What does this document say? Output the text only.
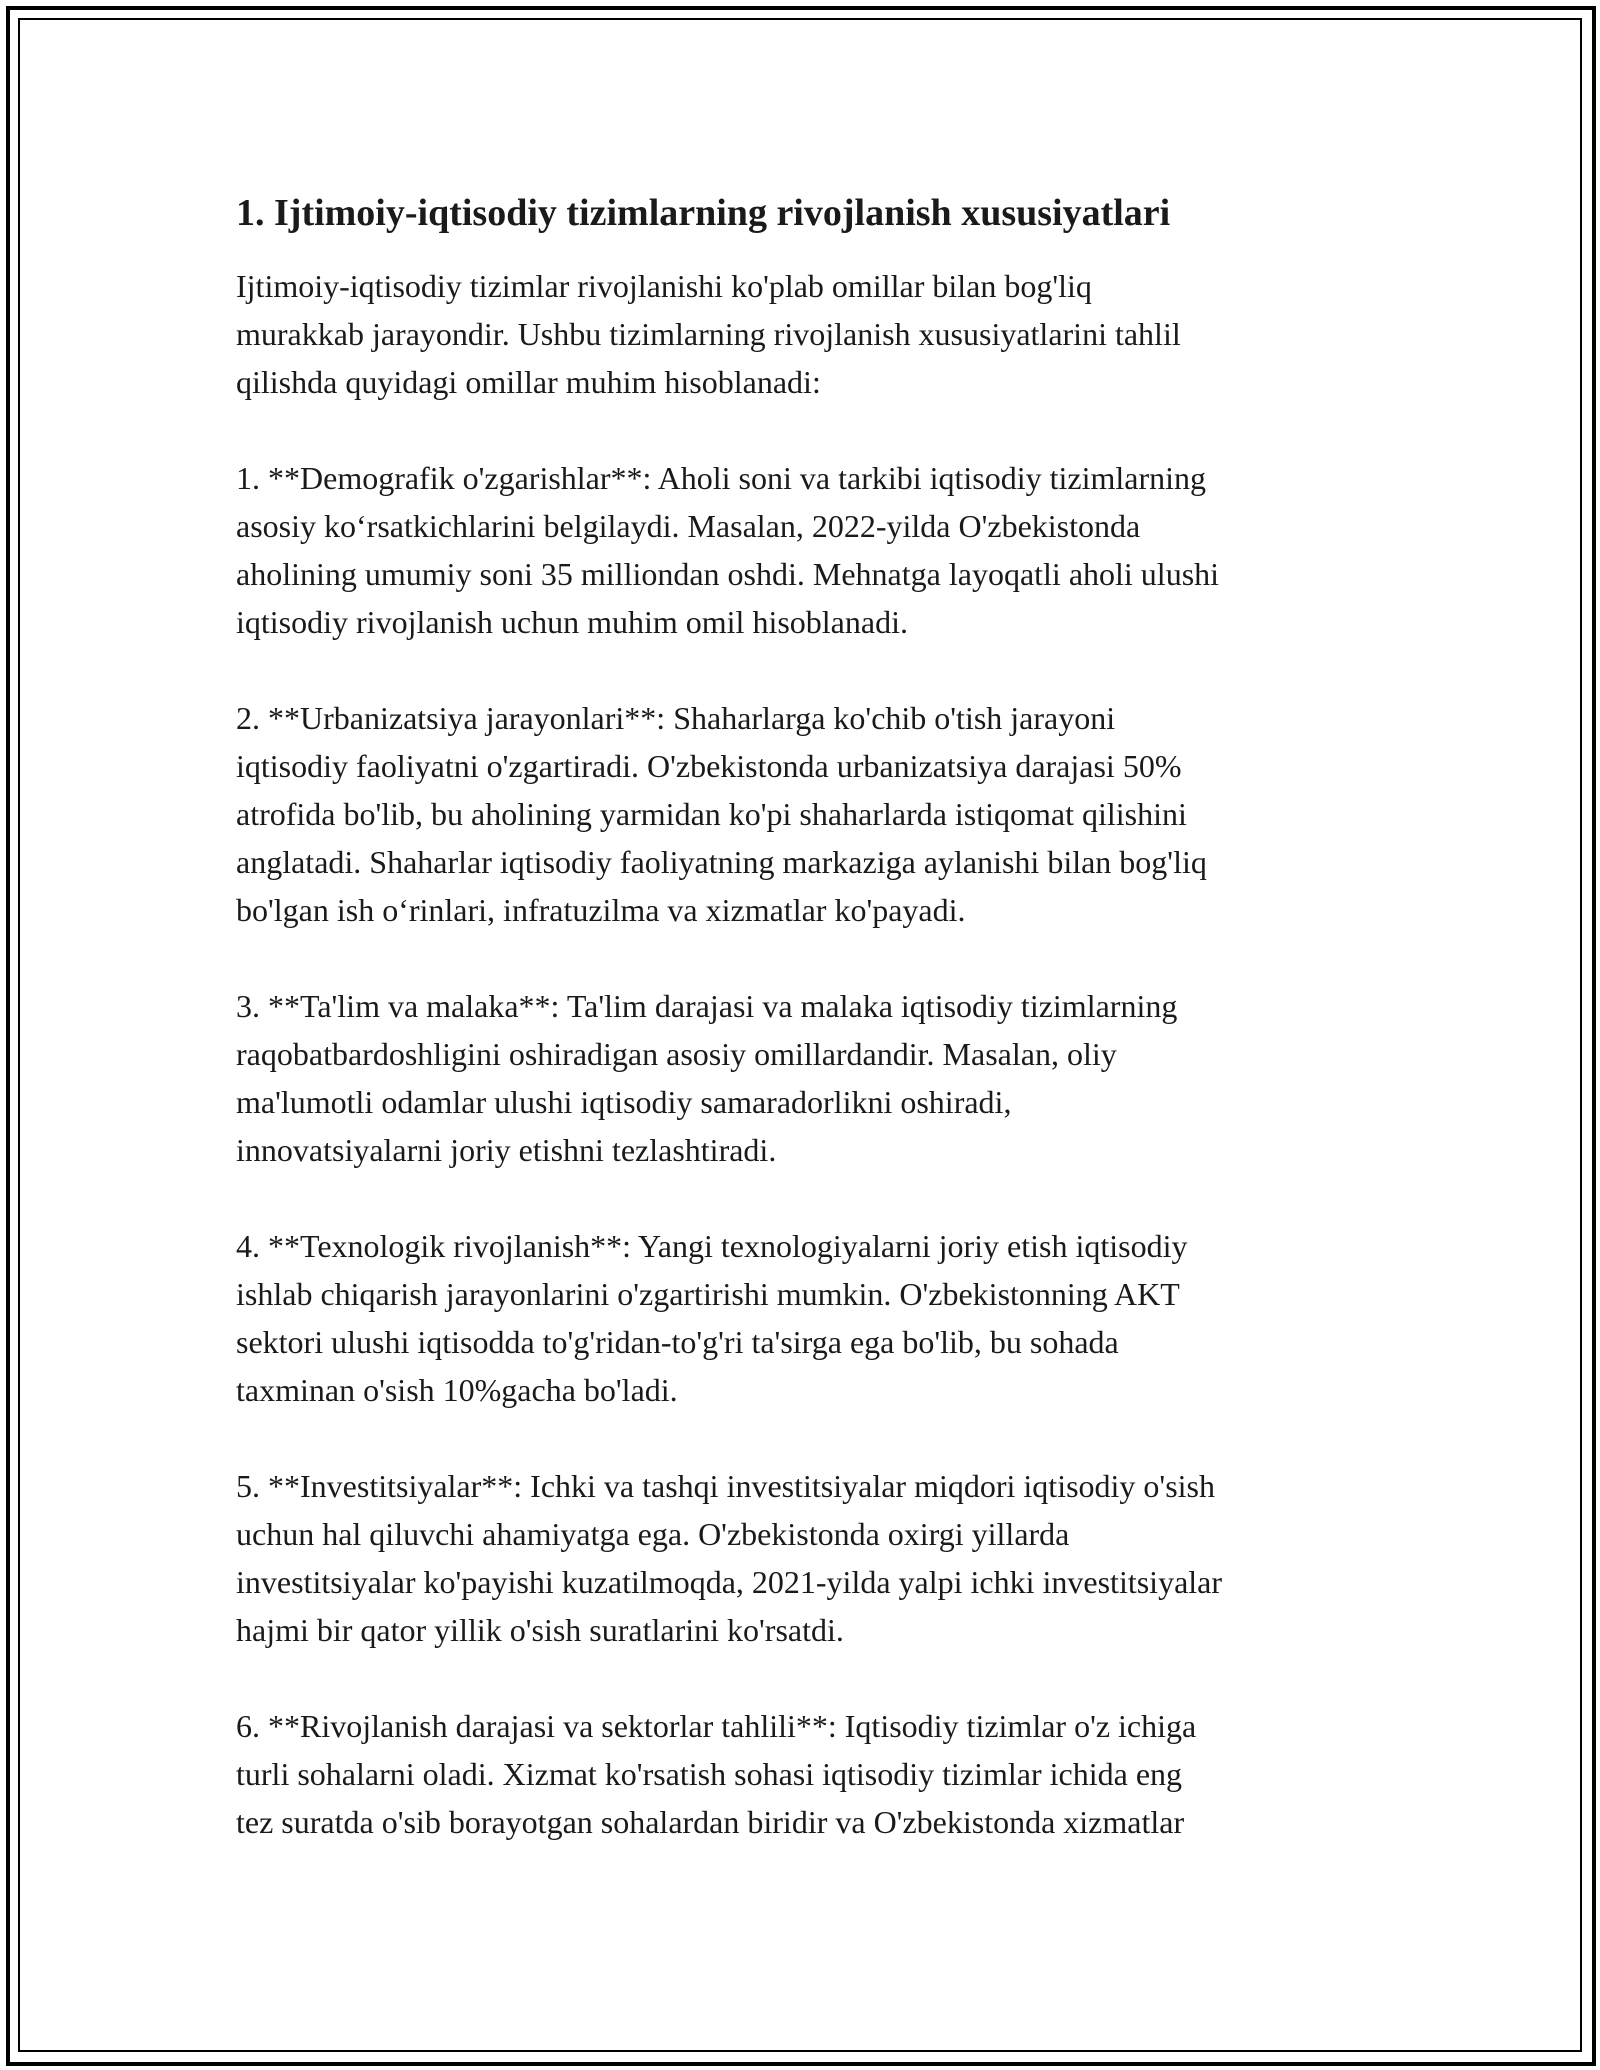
1. Ijtimoiy-iqtisodiy tizimlarning rivojlanish xususiyatlari

Ijtimoiy-iqtisodiy tizimlar rivojlanishi ko'plab omillar bilan bog'liq
murakkab jarayondir. Ushbu tizimlarning rivojlanish xususiyatlarini tahlil
qilishda quyidagi omillar muhim hisoblanadi:

1. **Demografik o'zgarishlar**: Aholi soni va tarkibi iqtisodiy tizimlarning
asosiy koʻrsatkichlarini belgilaydi. Masalan, 2022-yilda O'zbekistonda
aholining umumiy soni 35 milliondan oshdi. Mehnatga layoqatli aholi ulushi
iqtisodiy rivojlanish uchun muhim omil hisoblanadi.

2. **Urbanizatsiya jarayonlari**: Shaharlarga ko'chib o'tish jarayoni
iqtisodiy faoliyatni o'zgartiradi. O'zbekistonda urbanizatsiya darajasi 50%
atrofida bo'lib, bu aholining yarmidan ko'pi shaharlarda istiqomat qilishini
anglatadi. Shaharlar iqtisodiy faoliyatning markaziga aylanishi bilan bog'liq
bo'lgan ish oʻrinlari, infratuzilma va xizmatlar ko'payadi.

3. **Ta'lim va malaka**: Ta'lim darajasi va malaka iqtisodiy tizimlarning
raqobatbardoshligini oshiradigan asosiy omillardandir. Masalan, oliy
ma'lumotli odamlar ulushi iqtisodiy samaradorlikni oshiradi,
innovatsiyalarni joriy etishni tezlashtiradi.

4. **Texnologik rivojlanish**: Yangi texnologiyalarni joriy etish iqtisodiy
ishlab chiqarish jarayonlarini o'zgartirishi mumkin. O'zbekistonning AKT
sektori ulushi iqtisodda to'g'ridan-to'g'ri ta'sirga ega bo'lib, bu sohada
taxminan o'sish 10%gacha bo'ladi.

5. **Investitsiyalar**: Ichki va tashqi investitsiyalar miqdori iqtisodiy o'sish
uchun hal qiluvchi ahamiyatga ega. O'zbekistonda oxirgi yillarda
investitsiyalar ko'payishi kuzatilmoqda, 2021-yilda yalpi ichki investitsiyalar
hajmi bir qator yillik o'sish suratlarini ko'rsatdi.

6. **Rivojlanish darajasi va sektorlar tahlili**: Iqtisodiy tizimlar o'z ichiga
turli sohalarni oladi. Xizmat ko'rsatish sohasi iqtisodiy tizimlar ichida eng
tez suratda o'sib borayotgan sohalardan biridir va O'zbekistonda xizmatlar
